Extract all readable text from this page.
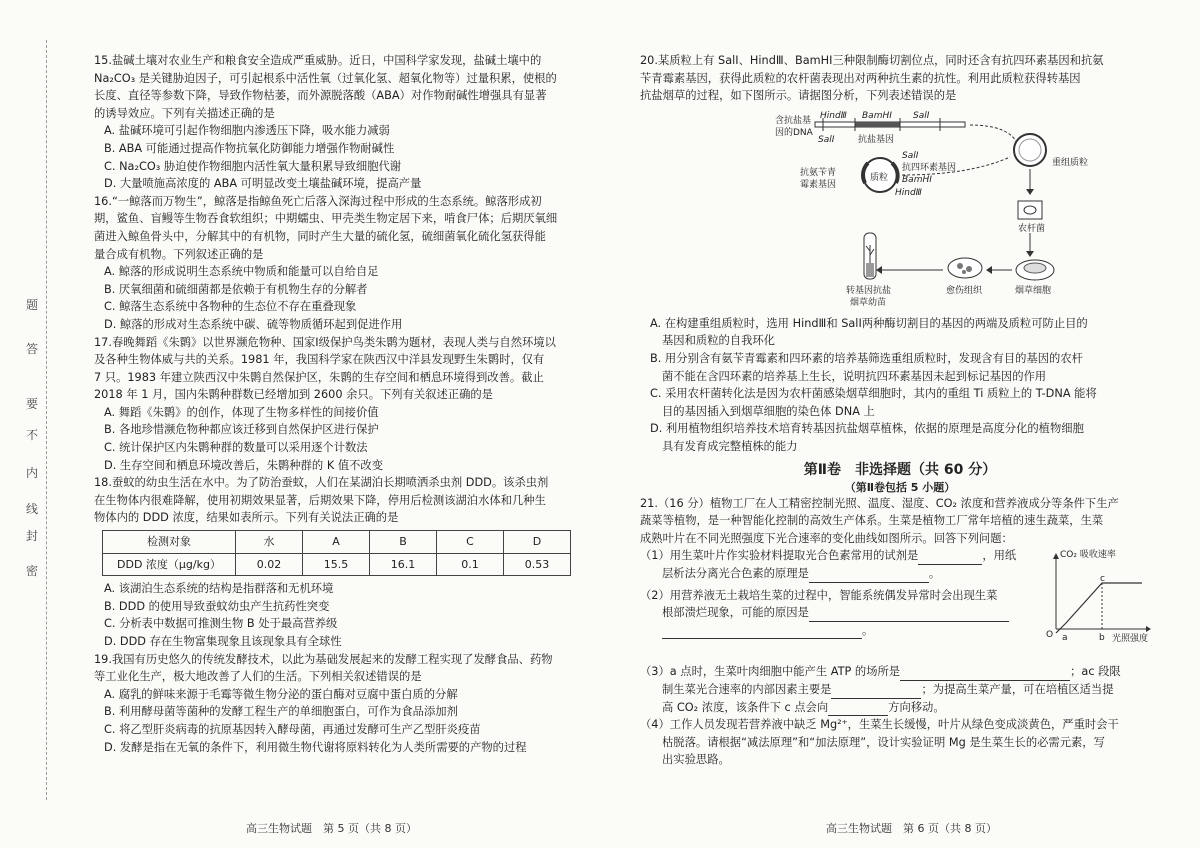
题
答
要
不
内
线
封
密

15.盐碱土壤对农业生产和粮食安全造成严重威胁。近日，中国科学家发现，盐碱土壤中的

Na₂CO₃ 是关键胁迫因子，可引起根系中活性氧（过氧化氢、超氧化物等）过量积累，使根的

长度、直径等参数下降，导致作物枯萎，而外源脱落酸（ABA）对作物耐碱性增强具有显著

的诱导效应。下列有关描述正确的是

A. 盐碱环境可引起作物细胞内渗透压下降，吸水能力减弱

B. ABA 可能通过提高作物抗氧化防御能力增强作物耐碱性

C. Na₂CO₃ 胁迫使作物细胞内活性氧大量积累导致细胞代谢

D. 大量喷施高浓度的 ABA 可明显改变土壤盐碱环境，提高产量

16.“一鲸落而万物生”，鲸落是指鲸鱼死亡后落入深海过程中形成的生态系统。鲸落形成初

期，鲨鱼、盲鳗等生物吞食软组织；中期蠕虫、甲壳类生物定居下来，啃食尸体；后期厌氧细

菌进入鲸鱼骨头中，分解其中的有机物，同时产生大量的硫化氢，硫细菌氧化硫化氢获得能

量合成有机物。下列叙述正确的是

A. 鲸落的形成说明生态系统中物质和能量可以自给自足

B. 厌氧细菌和硫细菌都是依赖于有机物生存的分解者

C. 鲸落生态系统中各物种的生态位不存在重叠现象

D. 鲸落的形成对生态系统中碳、硫等物质循环起到促进作用

17.春晚舞蹈《朱鹮》以世界濒危物种、国家Ⅰ级保护鸟类朱鹮为题材，表现人类与自然环境以

及各种生物体威与共的关系。1981 年，我国科学家在陕西汉中洋县发现野生朱鹮时，仅有

7 只。1983 年建立陕西汉中朱鹮自然保护区，朱鹮的生存空间和栖息环境得到改善。截止

2018 年 1 月，国内朱鹮种群数已经增加到 2600 余只。下列有关叙述正确的是

A. 舞蹈《朱鹮》的创作，体现了生物多样性的间接价值

B. 各地珍惜濒危物种都应该迁移到自然保护区进行保护

C. 统计保护区内朱鹮种群的数量可以采用逐个计数法

D. 生存空间和栖息环境改善后，朱鹮种群的 K 值不改变

18.蚕蚊的幼虫生活在水中。为了防治蚕蚊，人们在某湖泊长期喷洒杀虫剂 DDD。该杀虫剂

在生物体内很难降解，使用初期效果显著，后期效果下降，停用后检测该湖泊水体和几种生

物体内的 DDD 浓度，结果如表所示。下列有关说法正确的是

检测对象	水	A	B	C	D
DDD 浓度（μg/kg）	0.02	15.5	16.1	0.1	0.53

A. 该湖泊生态系统的结构是指群落和无机环境

B. DDD 的使用导致蚕蚊幼虫产生抗药性突变

C. 分析表中数据可推测生物 B 处于最高营养级

D. DDD 存在生物富集现象且该现象具有全球性

19.我国有历史悠久的传统发酵技术，以此为基础发展起来的发酵工程实现了发酵食品、药物

等工业化生产，极大地改善了人们的生活。下列相关叙述错误的是

A. 腐乳的鲜味来源于毛霉等微生物分泌的蛋白酶对豆腐中蛋白质的分解

B. 利用酵母菌等菌种的发酵工程生产的单细胞蛋白，可作为食品添加剂

C. 将乙型肝炎病毒的抗原基因转入酵母菌，再通过发酵可生产乙型肝炎疫苗

D. 发酵是指在无氧的条件下，利用微生物代谢将原料转化为人类所需要的产物的过程

高三生物试题　第 5 页（共 8 页）

20.某质粒上有 SalⅠ、HindⅢ、BamHⅠ三种限制酶切割位点，同时还含有抗四环素基因和抗氨

苄青霉素基因，获得此质粒的农杆菌表现出对两种抗生素的抗性。利用此质粒获得转基因

抗盐烟草的过程，如下图所示。请据图分析，下列表述错误的是

含抗盐基
因的DNA
HindⅢ BamHⅠ SalⅠ
SalⅠ	抗盐基因
质粒
SalⅠ
抗四环素基因
BamHⅠ
HindⅢ
抗氨苄青
霉素基因
重组质粒
农杆菌
烟草细胞
愈伤组织
转基因抗盐
烟草幼苗

A. 在构建重组质粒时，选用 HindⅢ和 SalⅠ两种酶切割目的基因的两端及质粒可防止目的

基因和质粒的自我环化

B. 用分别含有氨苄青霉素和四环素的培养基筛选重组质粒时，发现含有目的基因的农杆

菌不能在含四环素的培养基上生长，说明抗四环素基因未起到标记基因的作用

C. 采用农杆菌转化法是因为农杆菌感染烟草细胞时，其内的重组 Ti 质粒上的 T-DNA 能将

目的基因插入到烟草细胞的染色体 DNA 上

D. 利用植物组织培养技术培育转基因抗盐烟草植株，依据的原理是高度分化的植物细胞

具有发育成完整植株的能力

第Ⅱ卷　非选择题（共 60 分）
（第Ⅱ卷包括 5 小题）

21.（16 分）植物工厂在人工精密控制光照、温度、湿度、CO₂ 浓度和营养液成分等条件下生产

蔬菜等植物，是一种智能化控制的高效生产体系。生菜是植物工厂常年培植的速生蔬菜，生菜

成熟叶片在不同光照强度下光合速率的变化曲线如图所示。回答下列问题：

CO₂ 吸收速率
光照强度
O a	b
c

（1）用生菜叶片作实验材料提取光合色素常用的试剂是	，用纸

层析法分离光合色素的原理是	。

（2）用营养液无土栽培生菜的过程中，智能系统偶发异常时会出现生菜

根部溃烂现象，可能的原因是

。

（3）a 点时，生菜叶肉细胞中能产生 ATP 的场所是	；ac 段限

制生菜光合速率的内部因素主要是	；为提高生菜产量，可在培植区适当提

高 CO₂ 浓度，该条件下 c 点会向	方向移动。

（4）工作人员发现若营养液中缺乏 Mg²⁺，生菜生长缓慢，叶片从绿色变成淡黄色，严重时会干

枯脱落。请根据“减法原理”和“加法原理”，设计实验证明 Mg 是生菜生长的必需元素，写

出实验思路。

高三生物试题　第 6 页（共 8 页）
